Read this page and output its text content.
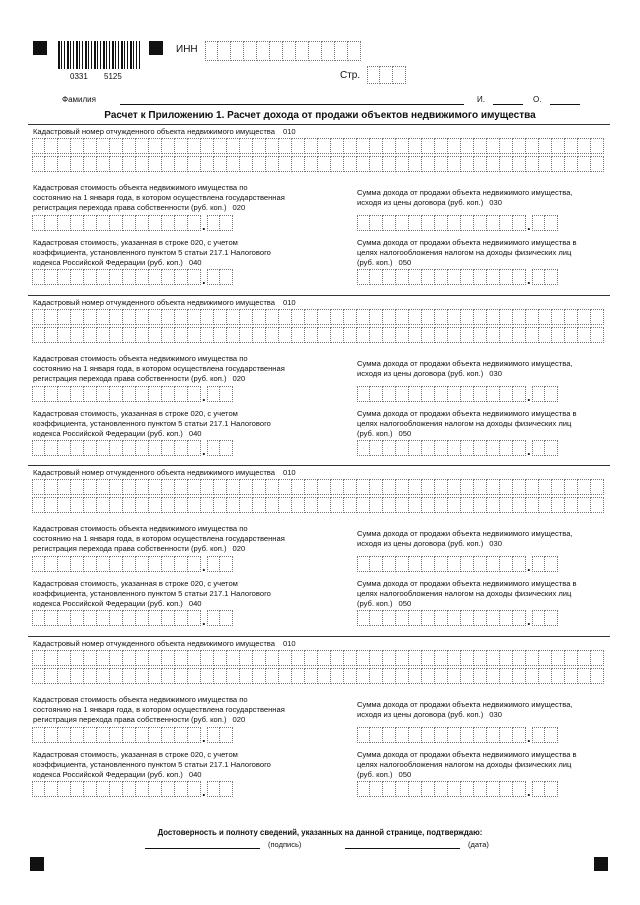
0331 5125
ИНН
Стр.
Фамилия	И.	О.
Расчет к Приложению 1. Расчет дохода от продажи объектов недвижимого имущества
Кадастровый номер отчужденного объекта недвижимого имущества 010
Кадастровая стоимость объекта недвижимого имущества по
состоянию на 1 января года, в котором осуществлена государственная
регистрация перехода права собственности (руб. коп.) 020
.
Сумма дохода от продажи объекта недвижимого имущества,
исходя из цены договора (руб. коп.) 030
.
Кадастровая стоимость, указанная в строке 020, с учетом
коэффициента, установленного пунктом 5 статьи 217.1 Налогового
кодекса Российской Федерации (руб. коп.) 040
.
Сумма дохода от продажи объекта недвижимого имущества в
целях налогообложения налогом на доходы физических лиц
(руб. коп.) 050
.
Кадастровый номер отчужденного объекта недвижимого имущества 010
Кадастровая стоимость объекта недвижимого имущества по
состоянию на 1 января года, в котором осуществлена государственная
регистрация перехода права собственности (руб. коп.) 020
.
Сумма дохода от продажи объекта недвижимого имущества,
исходя из цены договора (руб. коп.) 030
.
Кадастровая стоимость, указанная в строке 020, с учетом
коэффициента, установленного пунктом 5 статьи 217.1 Налогового
кодекса Российской Федерации (руб. коп.) 040
.
Сумма дохода от продажи объекта недвижимого имущества в
целях налогообложения налогом на доходы физических лиц
(руб. коп.) 050
.
Кадастровый номер отчужденного объекта недвижимого имущества 010
Кадастровая стоимость объекта недвижимого имущества по
состоянию на 1 января года, в котором осуществлена государственная
регистрация перехода права собственности (руб. коп.) 020
.
Сумма дохода от продажи объекта недвижимого имущества,
исходя из цены договора (руб. коп.) 030
.
Кадастровая стоимость, указанная в строке 020, с учетом
коэффициента, установленного пунктом 5 статьи 217.1 Налогового
кодекса Российской Федерации (руб. коп.) 040
.
Сумма дохода от продажи объекта недвижимого имущества в
целях налогообложения налогом на доходы физических лиц
(руб. коп.) 050
.
Кадастровый номер отчужденного объекта недвижимого имущества 010
Кадастровая стоимость объекта недвижимого имущества по
состоянию на 1 января года, в котором осуществлена государственная
регистрация перехода права собственности (руб. коп.) 020
.
Сумма дохода от продажи объекта недвижимого имущества,
исходя из цены договора (руб. коп.) 030
.
Кадастровая стоимость, указанная в строке 020, с учетом
коэффициента, установленного пунктом 5 статьи 217.1 Налогового
кодекса Российской Федерации (руб. коп.) 040
.
Сумма дохода от продажи объекта недвижимого имущества в
целях налогообложения налогом на доходы физических лиц
(руб. коп.) 050
.
Достоверность и полноту сведений, указанных на данной странице, подтверждаю:
(подпись)	(дата)
